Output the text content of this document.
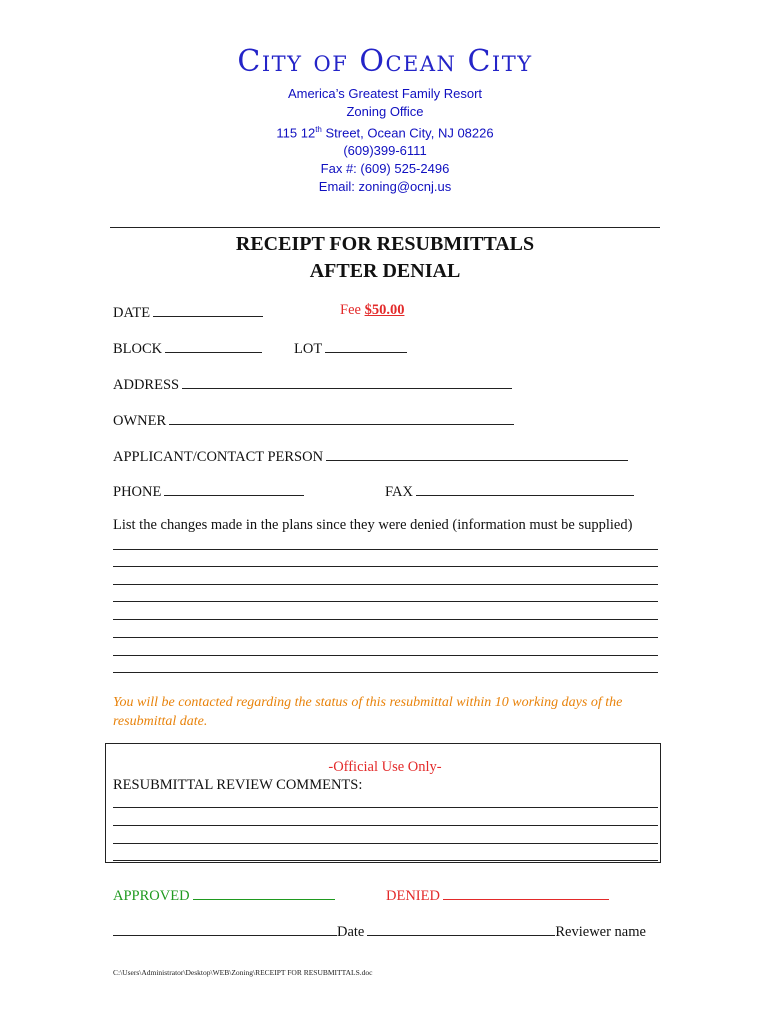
City of Ocean City
America’s Greatest Family Resort
Zoning Office
115 12th Street, Ocean City, NJ 08226
(609)399-6111
Fax #: (609) 525-2496
Email: zoning@ocnj.us
RECEIPT FOR RESUBMITTALS
AFTER DENIAL
DATE	Fee $50.00
BLOCK	LOT
ADDRESS
OWNER
APPLICANT/CONTACT PERSON
PHONE	FAX
List the changes made in the plans since they were denied (information must be supplied)
You will be contacted regarding the status of this resubmittal within 10 working days of the resubmittal date.
-Official Use Only-
RESUBMITTAL REVIEW COMMENTS:
APPROVED	DENIED
Date	Reviewer name
C:\Users\Administrator\Desktop\WEB\Zoning\RECEIPT FOR RESUBMITTALS.doc
